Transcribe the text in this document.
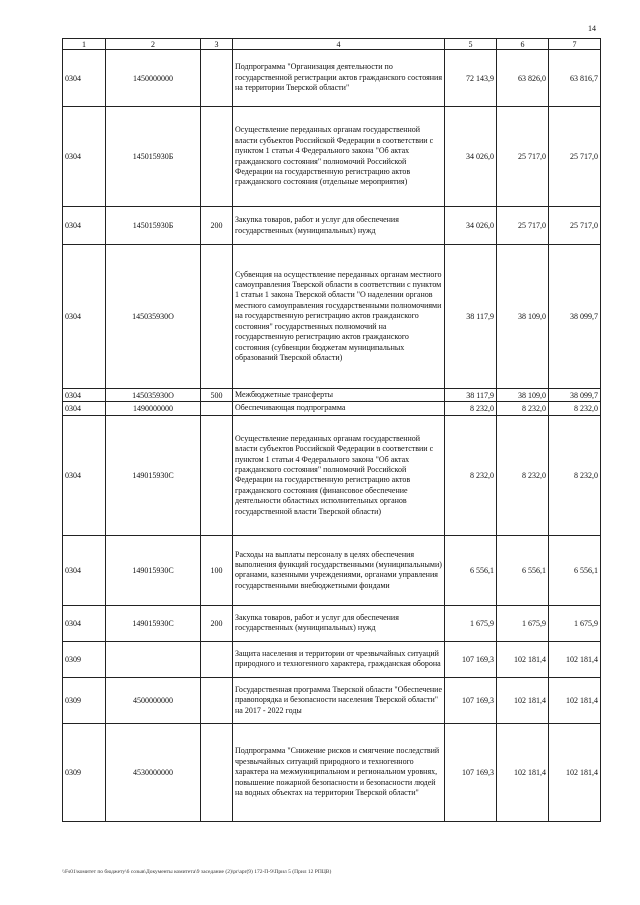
14
1	2	3	4	5	6	7
0304	1450000000		Подпрограмма "Организация деятельности по государственной регистрации актов гражданского состояния на территории Тверской области"	72 143,9	63 826,0	63 816,7
0304	145015930Б		Осуществление переданных органам государственной власти субъектов Российской Федерации в соответствии с пунктом 1 статьи 4 Федерального закона "Об актах гражданского состояния" полномочий Российской Федерации на государственную регистрацию актов гражданского состояния (отдельные мероприятия)	34 026,0	25 717,0	25 717,0
0304	145015930Б	200	Закупка товаров, работ и услуг для обеспечения государственных (муниципальных) нужд	34 026,0	25 717,0	25 717,0
0304	145035930О		Субвенция на осуществление переданных органам местного самоуправления Тверской области в соответствии с пунктом 1 статьи 1 закона Тверской области "О наделении органов местного самоуправления государственными полномочиями на государственную регистрацию актов гражданского состояния" государственных полномочий на государственную регистрацию актов гражданского состояния (субвенции бюджетам муниципальных образований Тверской области)	38 117,9	38 109,0	38 099,7
0304	145035930О	500	Межбюджетные трансферты	38 117,9	38 109,0	38 099,7
0304	1490000000		Обеспечивающая подпрограмма	8 232,0	8 232,0	8 232,0
0304	149015930С		Осуществление переданных органам государственной власти субъектов Российской Федерации в соответствии с пунктом 1 статьи 4 Федерального закона "Об актах гражданского состояния" полномочий Российской Федерации на государственную регистрацию актов гражданского состояния (финансовое обеспечение деятельности областных исполнительных органов государственной власти Тверской области)	8 232,0	8 232,0	8 232,0
0304	149015930С	100	Расходы на выплаты персоналу в целях обеспечения выполнения функций государственными (муниципальными) органами, казенными учреждениями, органами управления государственными внебюджетными фондами	6 556,1	6 556,1	6 556,1
0304	149015930С	200	Закупка товаров, работ и услуг для обеспечения государственных (муниципальных) нужд	1 675,9	1 675,9	1 675,9
0309			Защита населения и территории от чрезвычайных ситуаций природного и техногенного характера, гражданская оборона	107 169,3	102 181,4	102 181,4
0309	4500000000		Государственная программа Тверской области "Обеспечение правопорядка и безопасности населения Тверской области" на 2017 - 2022 годы	107 169,3	102 181,4	102 181,4
0309	4530000000		Подпрограмма "Снижение рисков и смягчение последствий чрезвычайных ситуаций природного и техногенного характера на межмуниципальном и региональном уровнях, повышение пожарной безопасности и безопасности людей на водных объектах на территории Тверской области"	107 169,3	102 181,4	102 181,4
\\Fs01\комитет по бюджету\6 созыв\Документы комитета\9 заседание (2)\pr\apr(9) 172-П-9\Прил 5 (Прил 12 РПЦВ)
